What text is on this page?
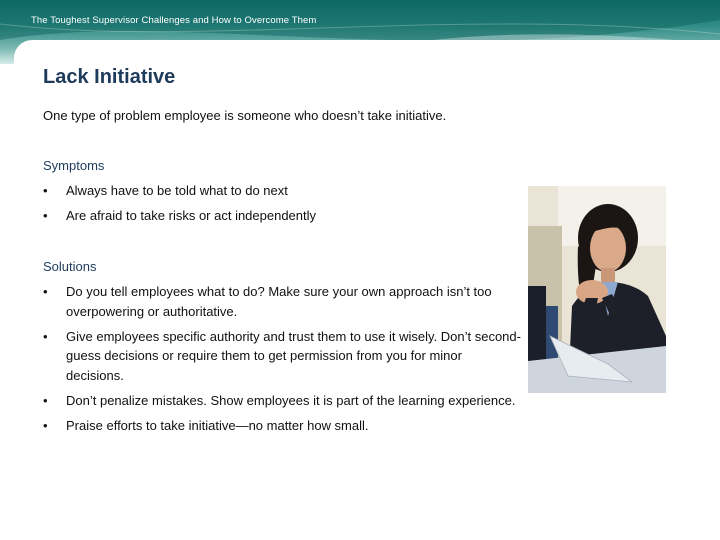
The Toughest Supervisor Challenges and How to Overcome Them
Lack Initiative
One type of problem employee is someone who doesn’t take initiative.
Symptoms
• Always have to be told what to do next
• Are afraid to take risks or act independently
Solutions
• Do you tell employees what to do? Make sure your own approach isn’t too overpowering or authoritative.
• Give employees specific authority and trust them to use it wisely. Don’t second-guess decisions or require them to get permission from you for minor decisions.
• Don’t penalize mistakes. Show employees it is part of the learning experience.
• Praise efforts to take initiative—no matter how small.
